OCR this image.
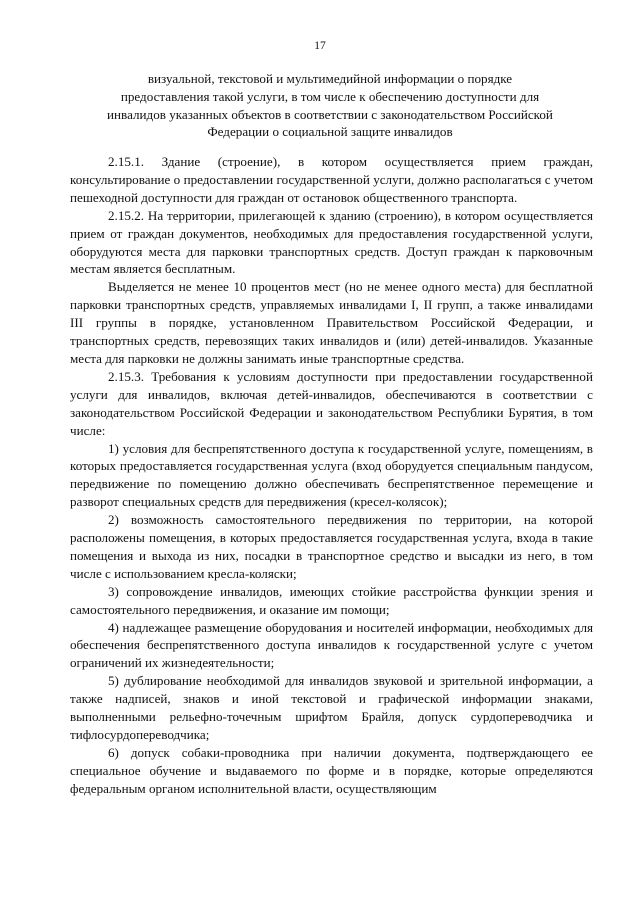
17
визуальной, текстовой и мультимедийной информации о порядке
предоставления такой услуги, в том числе к обеспечению доступности для
инвалидов указанных объектов в соответствии с законодательством Российской
Федерации о социальной защите инвалидов

2.15.1. Здание (строение), в котором осуществляется прием граждан, консультирование о предоставлении государственной услуги, должно располагаться с учетом пешеходной доступности для граждан от остановок общественного транспорта.

2.15.2. На территории, прилегающей к зданию (строению), в котором осуществляется прием от граждан документов, необходимых для предоставления государственной услуги, оборудуются места для парковки транспортных средств. Доступ граждан к парковочным местам является бесплатным.

Выделяется не менее 10 процентов мест (но не менее одного места) для бесплатной парковки транспортных средств, управляемых инвалидами I, II групп, а также инвалидами III группы в порядке, установленном Правительством Российской Федерации, и транспортных средств, перевозящих таких инвалидов и (или) детей-инвалидов. Указанные места для парковки не должны занимать иные транспортные средства.

2.15.3. Требования к условиям доступности при предоставлении государственной услуги для инвалидов, включая детей-инвалидов, обеспечиваются в соответствии с законодательством Российской Федерации и законодательством Республики Бурятия, в том числе:

1) условия для беспрепятственного доступа к государственной услуге, помещениям, в которых предоставляется государственная услуга (вход оборудуется специальным пандусом, передвижение по помещению должно обеспечивать беспрепятственное перемещение и разворот специальных средств для передвижения (кресел-колясок);

2) возможность самостоятельного передвижения по территории, на которой расположены помещения, в которых предоставляется государственная услуга, входа в такие помещения и выхода из них, посадки в транспортное средство и высадки из него, в том числе с использованием кресла-коляски;

3) сопровождение инвалидов, имеющих стойкие расстройства функции зрения и самостоятельного передвижения, и оказание им помощи;

4) надлежащее размещение оборудования и носителей информации, необходимых для обеспечения беспрепятственного доступа инвалидов к государственной услуге с учетом ограничений их жизнедеятельности;

5) дублирование необходимой для инвалидов звуковой и зрительной информации, а также надписей, знаков и иной текстовой и графической информации знаками, выполненными рельефно-точечным шрифтом Брайля, допуск сурдопереводчика и тифлосурдопереводчика;

6) допуск собаки-проводника при наличии документа, подтверждающего ее специальное обучение и выдаваемого по форме и в порядке, которые определяются федеральным органом исполнительной власти, осуществляющим
